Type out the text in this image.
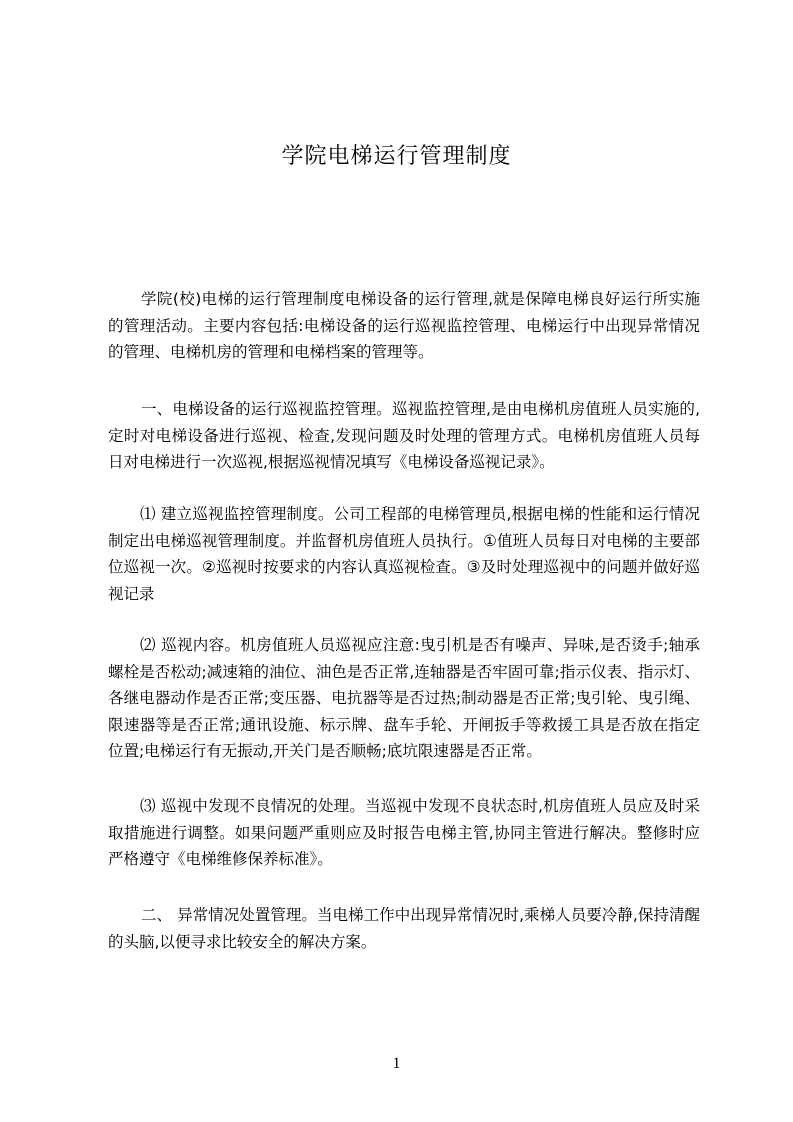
学院电梯运行管理制度

学院(校)电梯的运行管理制度电梯设备的运行管理,就是保障电梯良好运行所实施的管理活动。主要内容包括:电梯设备的运行巡视监控管理、电梯运行中出现异常情况的管理、电梯机房的管理和电梯档案的管理等。

一、电梯设备的运行巡视监控管理。巡视监控管理,是由电梯机房值班人员实施的,定时对电梯设备进行巡视、检查,发现问题及时处理的管理方式。电梯机房值班人员每日对电梯进行一次巡视,根据巡视情况填写《电梯设备巡视记录》。

⑴ 建立巡视监控管理制度。公司工程部的电梯管理员,根据电梯的性能和运行情况制定出电梯巡视管理制度。并监督机房值班人员执行。①值班人员每日对电梯的主要部位巡视一次。②巡视时按要求的内容认真巡视检查。③及时处理巡视中的问题并做好巡视记录

⑵ 巡视内容。机房值班人员巡视应注意:曳引机是否有噪声、异味,是否烫手;轴承螺栓是否松动;减速箱的油位、油色是否正常,连轴器是否牢固可靠;指示仪表、指示灯、各继电器动作是否正常;变压器、电抗器等是否过热;制动器是否正常;曳引轮、曳引绳、限速器等是否正常;通讯设施、标示牌、盘车手轮、开闸扳手等救援工具是否放在指定位置;电梯运行有无振动,开关门是否顺畅;底坑限速器是否正常。

⑶ 巡视中发现不良情况的处理。当巡视中发现不良状态时,机房值班人员应及时采取措施进行调整。如果问题严重则应及时报告电梯主管,协同主管进行解决。整修时应严格遵守《电梯维修保养标准》。

二、 异常情况处置管理。当电梯工作中出现异常情况时,乘梯人员要冷静,保持清醒的头脑,以便寻求比较安全的解决方案。

1
